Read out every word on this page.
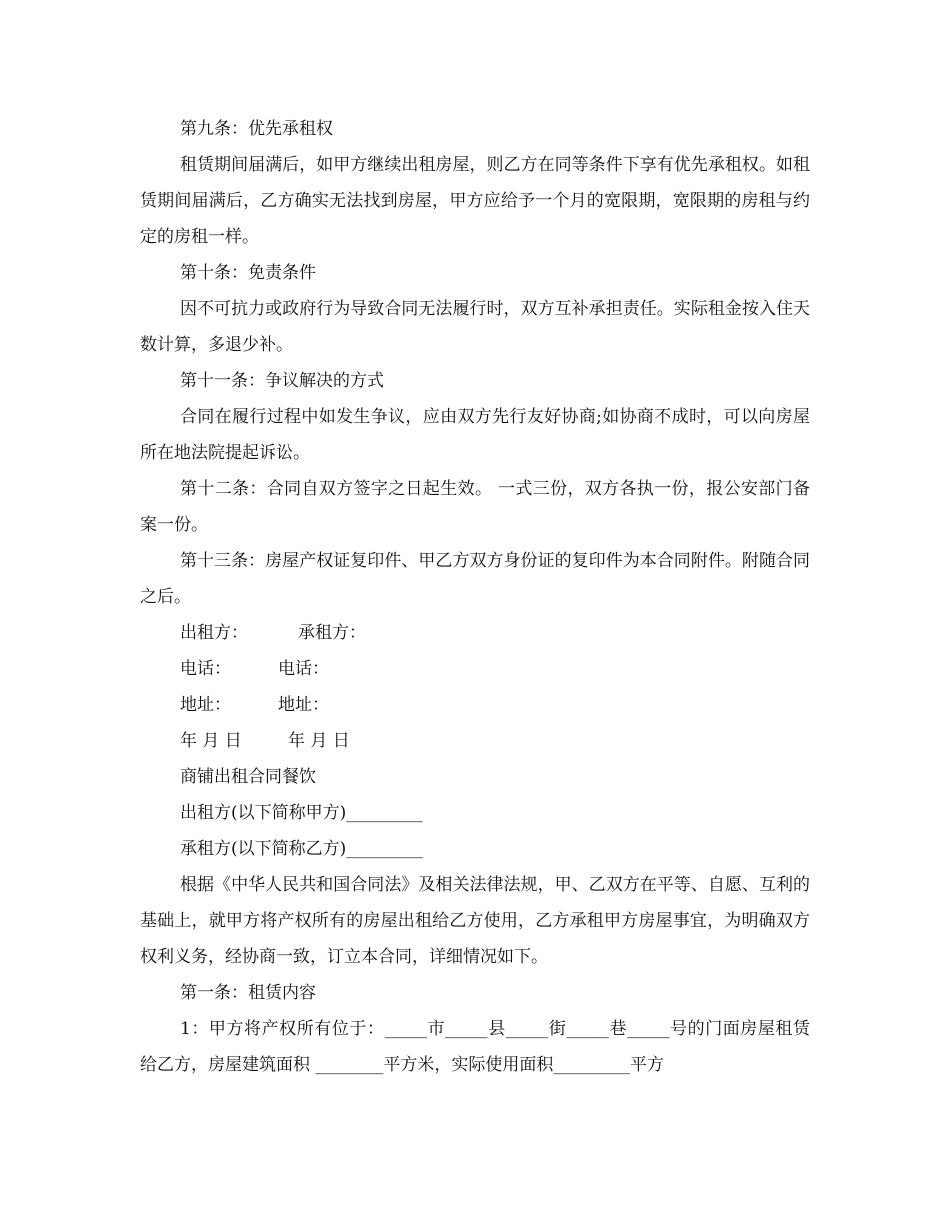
第九条：优先承租权

租赁期间届满后，如甲方继续出租房屋，则乙方在同等条件下享有优先承租权。如租赁期间届满后，乙方确实无法找到房屋，甲方应给予一个月的宽限期，宽限期的房租与约定的房租一样。

第十条：免责条件

因不可抗力或政府行为导致合同无法履行时，双方互补承担责任。实际租金按入住天数计算，多退少补。

第十一条：争议解决的方式

合同在履行过程中如发生争议，应由双方先行友好协商;如协商不成时，可以向房屋所在地法院提起诉讼。

第十二条：合同自双方签字之日起生效。 一式三份，双方各执一份，报公安部门备案一份。

第十三条：房屋产权证复印件、甲乙方双方身份证的复印件为本合同附件。附随合同之后。

出租方：	承租方：
电话：	电话：
地址：	地址：
年 月 日	年 月 日

商铺出租合同餐饮

出租方(以下简称甲方)_________

承租方(以下简称乙方)_________

根据《中华人民共和国合同法》及相关法律法规，甲、乙双方在平等、自愿、互利的基础上，就甲方将产权所有的房屋出租给乙方使用，乙方承租甲方房屋事宜，为明确双方权利义务，经协商一致，订立本合同，详细情况如下。

第一条：租赁内容

1：甲方将产权所有位于：_____市_____县_____街_____巷_____号的门面房屋租赁给乙方，房屋建筑面积 ________平方米，实际使用面积_________平方
